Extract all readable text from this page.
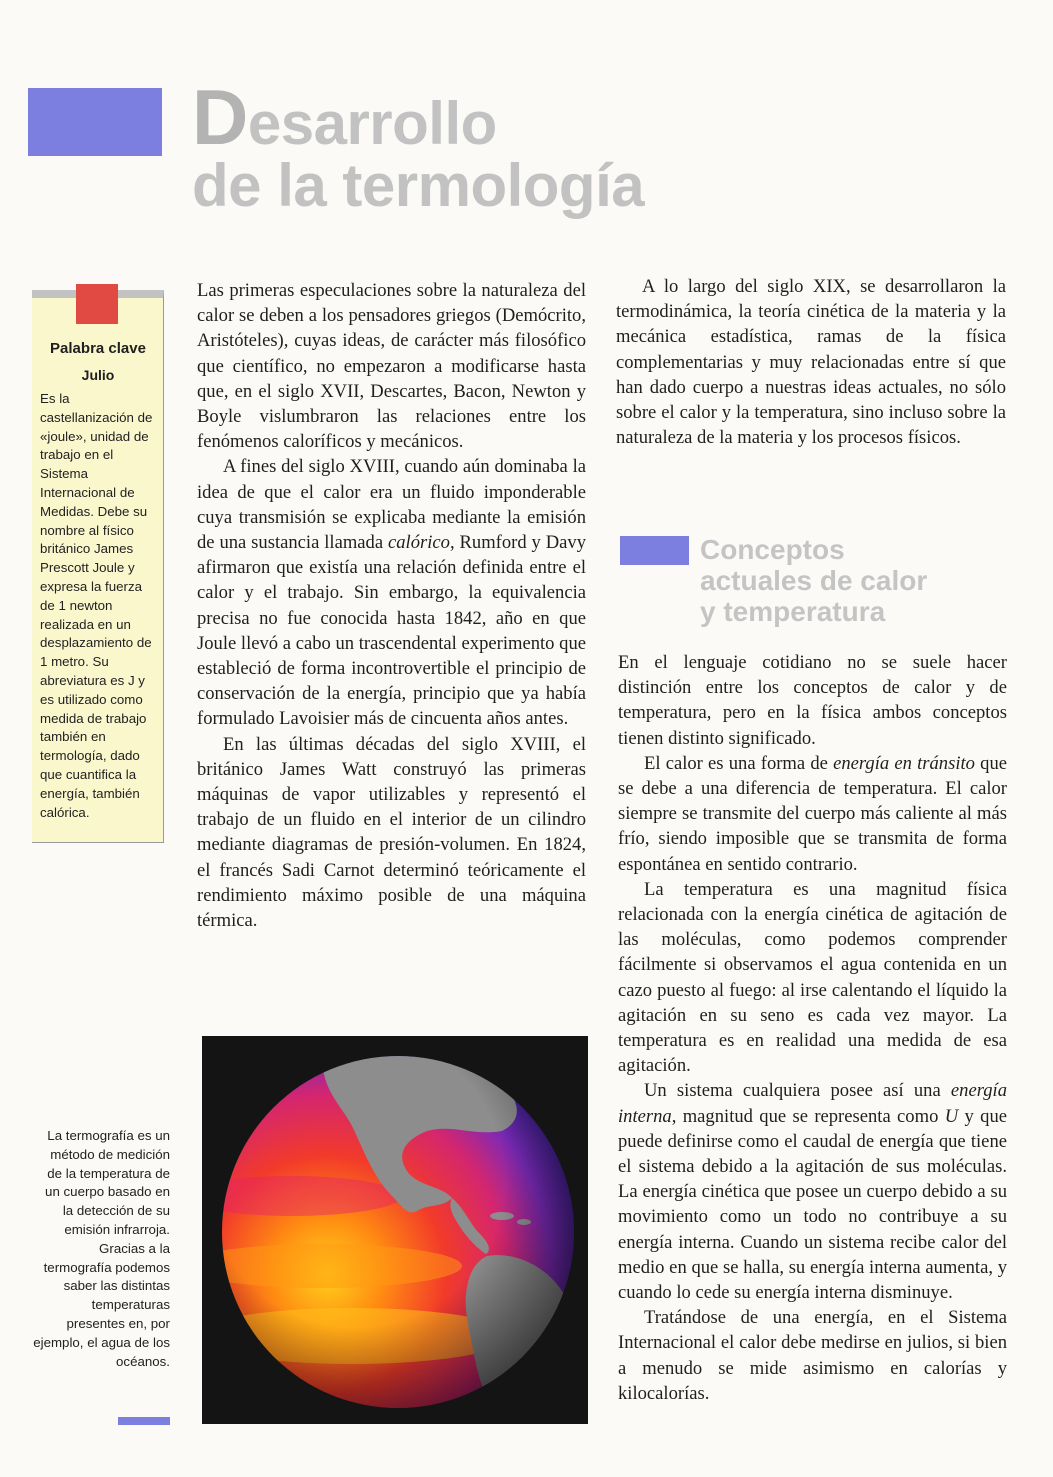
Desarrollo
de la termología
Palabra clave
Julio
Es la castellanización de «joule», unidad de trabajo en el Sistema Internacional de Medidas. Debe su nombre al físico británico James Prescott Joule y expresa la fuerza de 1 newton realizada en un desplazamiento de 1 metro. Su abreviatura es J y es utilizado como medida de trabajo también en termología, dado que cuantifica la energía, también calórica.

Las primeras especulaciones sobre la naturaleza del calor se deben a los pensadores griegos (Demócrito, Aristóteles), cuyas ideas, de carácter más filosófico que científico, no empezaron a modificarse hasta que, en el siglo XVII, Descartes, Bacon, Newton y Boyle vislumbraron las relaciones entre los fenómenos caloríficos y mecánicos.

A fines del siglo XVIII, cuando aún dominaba la idea de que el calor era un fluido imponderable cuya transmisión se explicaba mediante la emisión de una sustancia llamada calórico, Rumford y Davy afirmaron que existía una relación definida entre el calor y el trabajo. Sin embargo, la equivalencia precisa no fue conocida hasta 1842, año en que Joule llevó a cabo un trascendental experimento que estableció de forma incontrovertible el principio de conservación de la energía, principio que ya había formulado Lavoisier más de cincuenta años antes.

En las últimas décadas del siglo XVIII, el británico James Watt construyó las primeras máquinas de vapor utilizables y representó el trabajo de un fluido en el interior de un cilindro mediante diagramas de presión-volumen. En 1824, el francés Sadi Carnot determinó teóricamente el rendimiento máximo posible de una máquina térmica.

A lo largo del siglo XIX, se desarrollaron la termodinámica, la teoría cinética de la materia y la mecánica estadística, ramas de la física complementarias y muy relacionadas entre sí que han dado cuerpo a nuestras ideas actuales, no sólo sobre el calor y la temperatura, sino incluso sobre la naturaleza de la materia y los procesos físicos.

Conceptos
actuales de calor
y temperatura

En el lenguaje cotidiano no se suele hacer distinción entre los conceptos de calor y de temperatura, pero en la física ambos conceptos tienen distinto significado.

El calor es una forma de energía en tránsito que se debe a una diferencia de temperatura. El calor siempre se transmite del cuerpo más caliente al más frío, siendo imposible que se transmita de forma espontánea en sentido contrario.

La temperatura es una magnitud física relacionada con la energía cinética de agitación de las moléculas, como podemos comprender fácilmente si observamos el agua contenida en un cazo puesto al fuego: al irse calentando el líquido la agitación en su seno es cada vez mayor. La temperatura es en realidad una medida de esa agitación.

Un sistema cualquiera posee así una energía interna, magnitud que se representa como U y que puede definirse como el caudal de energía que tiene el sistema debido a la agitación de sus moléculas. La energía cinética que posee un cuerpo debido a su movimiento como un todo no contribuye a su energía interna. Cuando un sistema recibe calor del medio en que se halla, su energía interna aumenta, y cuando lo cede su energía interna disminuye.

Tratándose de una energía, en el Sistema Internacional el calor debe medirse en julios, si bien a menudo se mide asimismo en calorías y kilocalorías.

La termografía es un método de medición de la temperatura de un cuerpo basado en la detección de su emisión infrarroja. Gracias a la termografía podemos saber las distintas temperaturas presentes en, por ejemplo, el agua de los océanos.
